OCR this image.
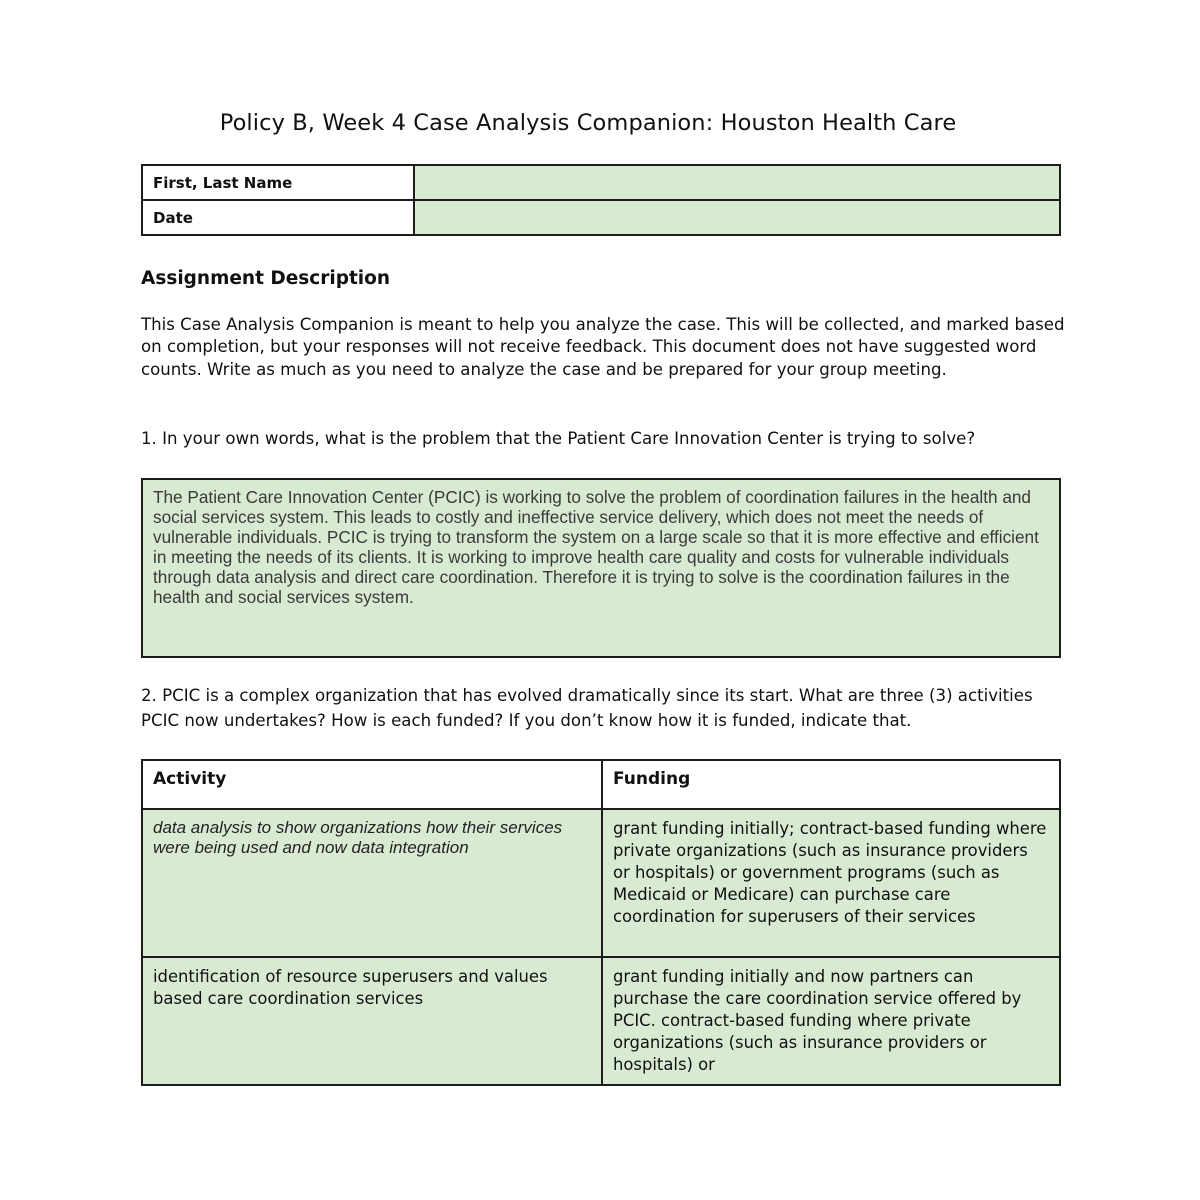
Policy B, Week 4 Case Analysis Companion: Houston Health Care
First, Last Name	
Date	
Assignment Description
This Case Analysis Companion is meant to help you analyze the case. This will be collected, and marked based on completion, but your responses will not receive feedback. This document does not have suggested word counts. Write as much as you need to analyze the case and be prepared for your group meeting.
1. In your own words, what is the problem that the Patient Care Innovation Center is trying to solve?
The Patient Care Innovation Center (PCIC) is working to solve the problem of coordination failures in the health and social services system. This leads to costly and ineffective service delivery, which does not meet the needs of vulnerable individuals. PCIC is trying to transform the system on a large scale so that it is more effective and efficient in meeting the needs of its clients. It is working to improve health care quality and costs for vulnerable individuals through data analysis and direct care coordination. Therefore it is trying to solve is the coordination failures in the health and social services system.
2. PCIC is a complex organization that has evolved dramatically since its start. What are three (3) activities PCIC now undertakes? How is each funded? If you don’t know how it is funded, indicate that.
Activity	Funding
data analysis to show organizations how their services were being used and now data integration	grant funding initially; contract-based funding where private organizations (such as insurance providers or hospitals) or government programs (such as Medicaid or Medicare) can purchase care coordination for superusers of their services
identification of resource superusers and values based care coordination services	grant funding initially and now partners can purchase the care coordination service offered by PCIC. contract-based funding where private organizations (such as insurance providers or hospitals) or
